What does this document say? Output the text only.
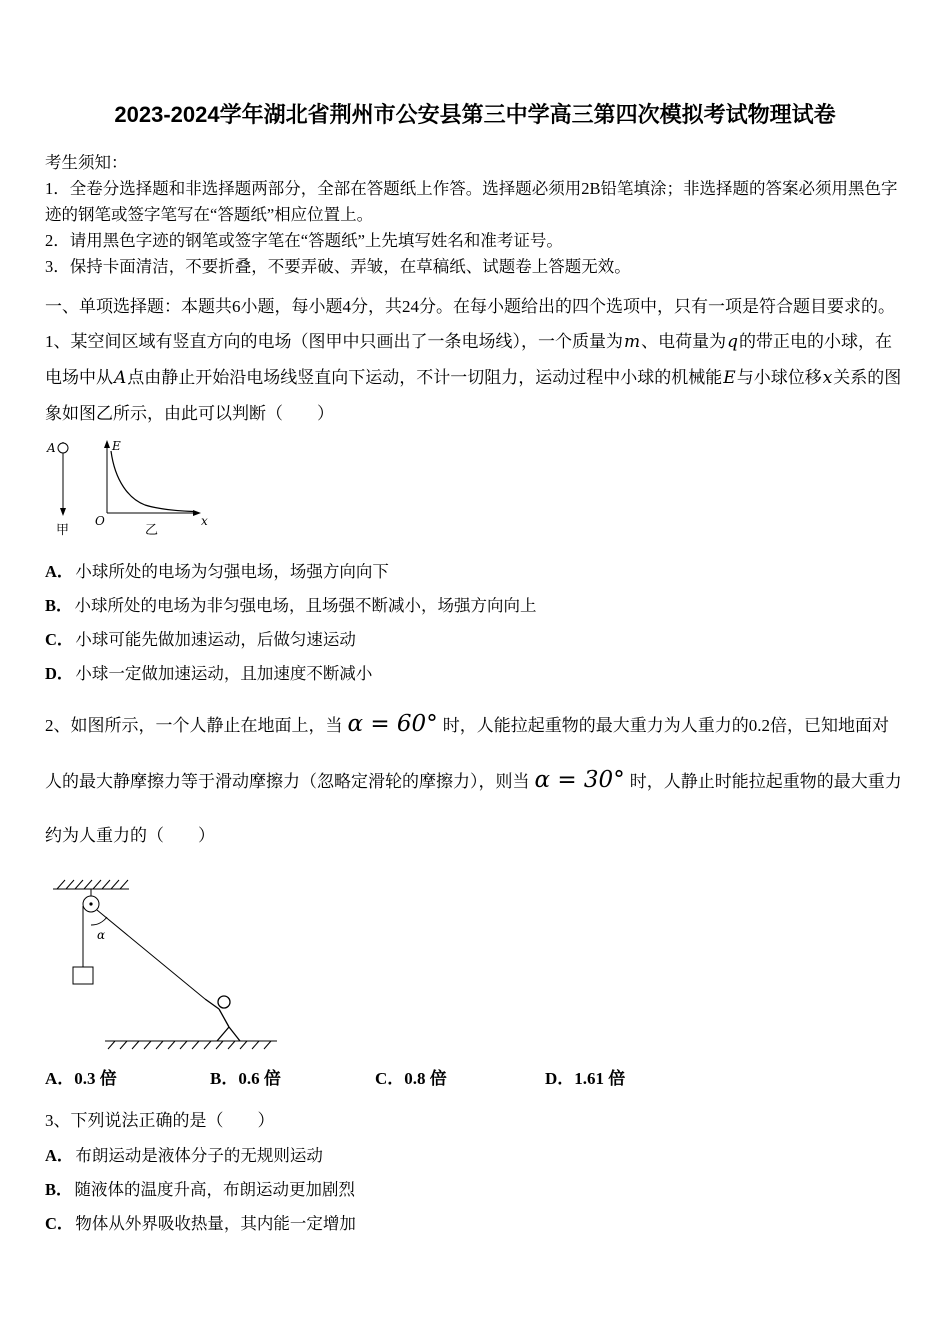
2023-2024学年湖北省荆州市公安县第三中学高三第四次模拟考试物理试卷

考生须知：

1．全卷分选择题和非选择题两部分，全部在答题纸上作答。选择题必须用2B铅笔填涂；非选择题的答案必须用黑色字迹的钢笔或签字笔写在“答题纸”相应位置上。

2．请用黑色字迹的钢笔或签字笔在“答题纸”上先填写姓名和准考证号。

3．保持卡面清洁，不要折叠，不要弄破、弄皱，在草稿纸、试题卷上答题无效。

一、单项选择题：本题共6小题，每小题4分，共24分。在每小题给出的四个选项中，只有一项是符合题目要求的。

1、某空间区域有竖直方向的电场（图甲中只画出了一条电场线），一个质量为m、电荷量为q的带正电的小球，在电场中从A点由静止开始沿电场线竖直向下运动，不计一切阻力，运动过程中小球的机械能E与小球位移x关系的图象如图乙所示，由此可以判断（　　）

A
甲
E
x
O
乙
A． 小球所处的电场为匀强电场，场强方向向下
B． 小球所处的电场为非匀强电场，且场强不断减小，场强方向向上
C． 小球可能先做加速运动，后做匀速运动
D． 小球一定做加速运动，且加速度不断减小

2、如图所示，一个人静止在地面上，当 α = 60° 时，人能拉起重物的最大重力为人重力的0.2倍，已知地面对人的最大静摩擦力等于滑动摩擦力（忽略定滑轮的摩擦力），则当 α = 30° 时，人静止时能拉起重物的最大重力约为人重力的（　　）

α
A．0.3 倍	B．0.6 倍	C．0.8 倍	D．1.61 倍

3、下列说法正确的是（　　）

A． 布朗运动是液体分子的无规则运动
B． 随液体的温度升高，布朗运动更加剧烈
C． 物体从外界吸收热量，其内能一定增加
